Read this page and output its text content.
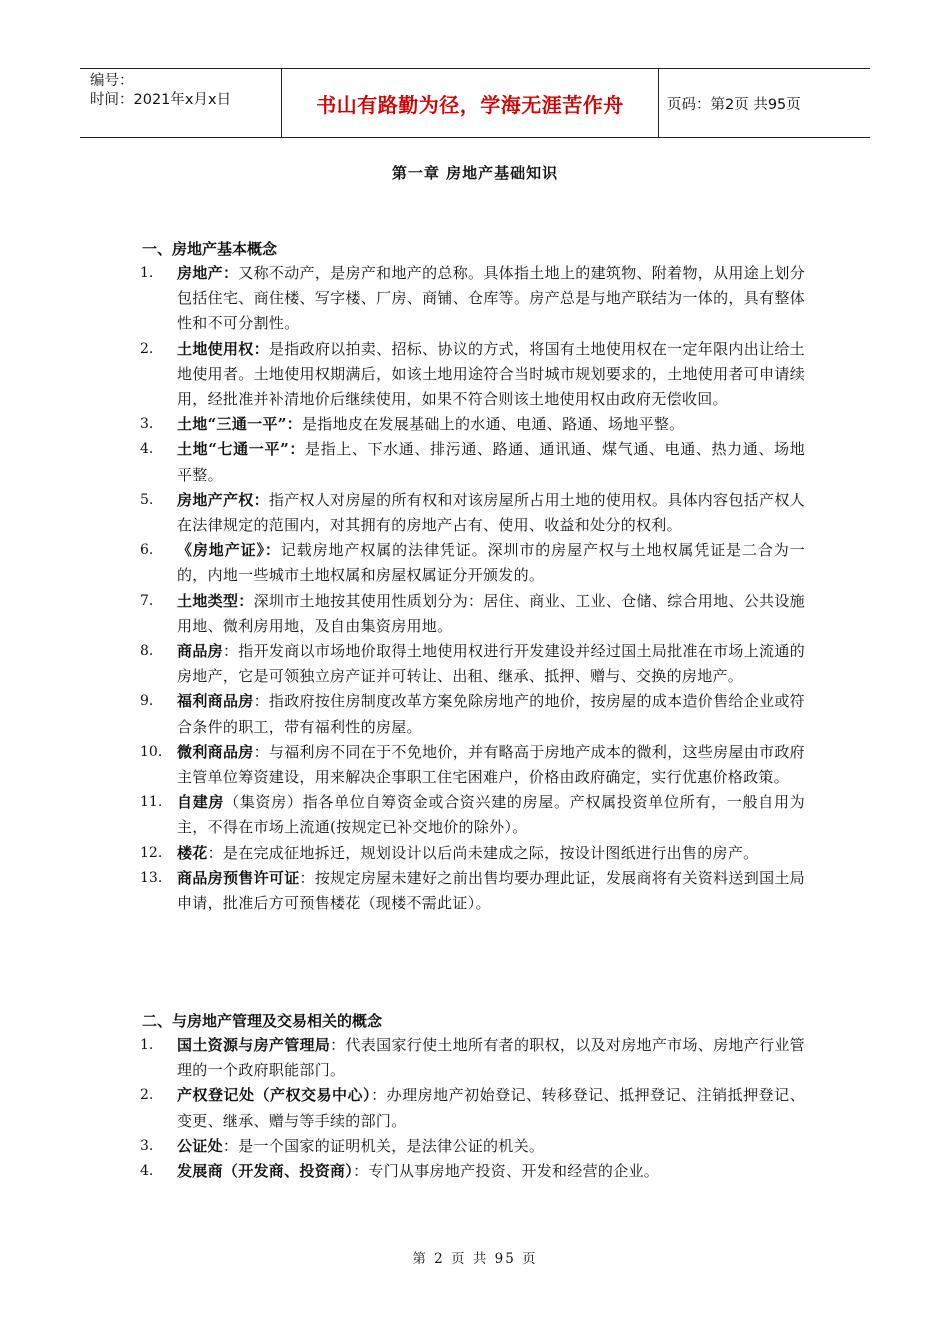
编号：
时间：2021年x月x日	书山有路勤为径，学海无涯苦作舟	页码：第2页 共95页
第一章 房地产基础知识
一、房地产基本概念
1.	房地产：又称不动产，是房产和地产的总称。具体指土地上的建筑物、附着物，从用途上划分包括住宅、商住楼、写字楼、厂房、商铺、仓库等。房产总是与地产联结为一体的，具有整体性和不可分割性。
2.	土地使用权：是指政府以拍卖、招标、协议的方式，将国有土地使用权在一定年限内出让给土地使用者。土地使用权期满后，如该土地用途符合当时城市规划要求的，土地使用者可申请续用，经批准并补清地价后继续使用，如果不符合则该土地使用权由政府无偿收回。
3.	土地“三通一平”：是指地皮在发展基础上的水通、电通、路通、场地平整。
4.	土地“七通一平”：是指上、下水通、排污通、路通、通讯通、煤气通、电通、热力通、场地平整。
5.	房地产产权：指产权人对房屋的所有权和对该房屋所占用土地的使用权。具体内容包括产权人在法律规定的范围内，对其拥有的房地产占有、使用、收益和处分的权利。
6.	《房地产证》：记载房地产权属的法律凭证。深圳市的房屋产权与土地权属凭证是二合为一的，内地一些城市土地权属和房屋权属证分开颁发的。
7.	土地类型：深圳市土地按其使用性质划分为：居住、商业、工业、仓储、综合用地、公共设施用地、微利房用地，及自由集资房用地。
8.	商品房：指开发商以市场地价取得土地使用权进行开发建设并经过国土局批准在市场上流通的房地产，它是可领独立房产证并可转让、出租、继承、抵押、赠与、交换的房地产。
9.	福利商品房：指政府按住房制度改革方案免除房地产的地价，按房屋的成本造价售给企业或符合条件的职工，带有福利性的房屋。
10. 微利商品房：与福利房不同在于不免地价，并有略高于房地产成本的微利，这些房屋由市政府主管单位筹资建设，用来解决企事职工住宅困难户，价格由政府确定，实行优惠价格政策。
11. 自建房（集资房）指各单位自筹资金或合资兴建的房屋。产权属投资单位所有，一般自用为主，不得在市场上流通(按规定已补交地价的除外）。
12. 楼花：是在完成征地拆迁，规划设计以后尚未建成之际，按设计图纸进行出售的房产。
13. 商品房预售许可证：按规定房屋未建好之前出售均要办理此证，发展商将有关资料送到国土局申请，批准后方可预售楼花（现楼不需此证）。
二、与房地产管理及交易相关的概念
1.	国土资源与房产管理局：代表国家行使土地所有者的职权，以及对房地产市场、房地产行业管理的一个政府职能部门。
2.	产权登记处（产权交易中心）：办理房地产初始登记、转移登记、抵押登记、注销抵押登记、变更、继承、赠与等手续的部门。
3.	公证处：是一个国家的证明机关，是法律公证的机关。
4.	发展商（开发商、投资商）：专门从事房地产投资、开发和经营的企业。
第 2 页 共 95 页
